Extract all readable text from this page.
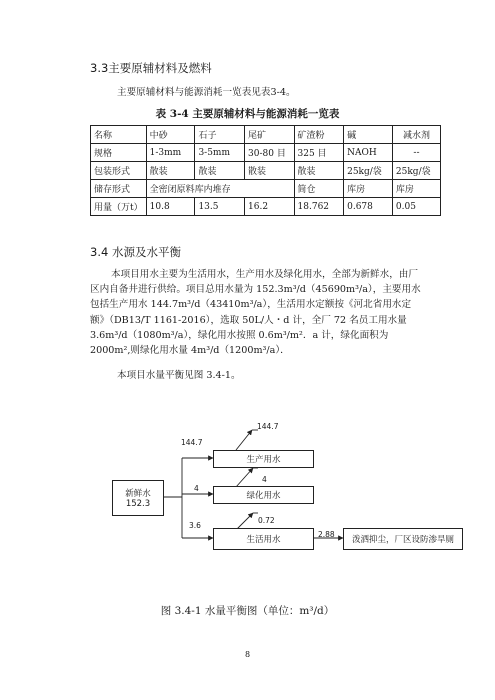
3.3主要原辅材料及燃料
主要原辅材料与能源消耗一览表见表3-4。
表 3-4 主要原辅材料与能源消耗一览表
名称	中砂	石子	尾矿	矿渣粉	碱	减水剂
规格	1-3mm	3-5mm	30-80 目	325 目	NAOH	--
包装形式	散装	散装	散装	散装	25kg/袋	25kg/袋
储存形式	全密闭原料库内堆存			简仓	库房	库房
用量（万t）	10.8	13.5	16.2	18.762	0.678	0.05
3.4 水源及水平衡
本项目用水主要为生活用水，生产用水及绿化用水，全部为新鲜水，由厂区内自备井进行供给。项目总用水量为 152.3m³/d（45690m³/a），主要用水包括生产用水 144.7m³/d（43410m³/a），生活用水定额按《河北省用水定额》（DB13/T 1161-2016），选取 50L/人・d 计，全厂 72 名员工用水量 3.6m³/d（1080m³/a），绿化用水按照 0.6m³/m²．a 计，绿化面积为 2000m²,则绿化用水量 4m³/d（1200m³/a）．
本项目水量平衡见图 3.4-1。
新鲜水
152.3
生产用水
绿化用水
生活用水	泼洒抑尘，厂区设防渗旱厕
144.7
144.7
4
4
3.6
0.72
2.88
图 3.4-1 水量平衡图（单位：m³/d）
8
